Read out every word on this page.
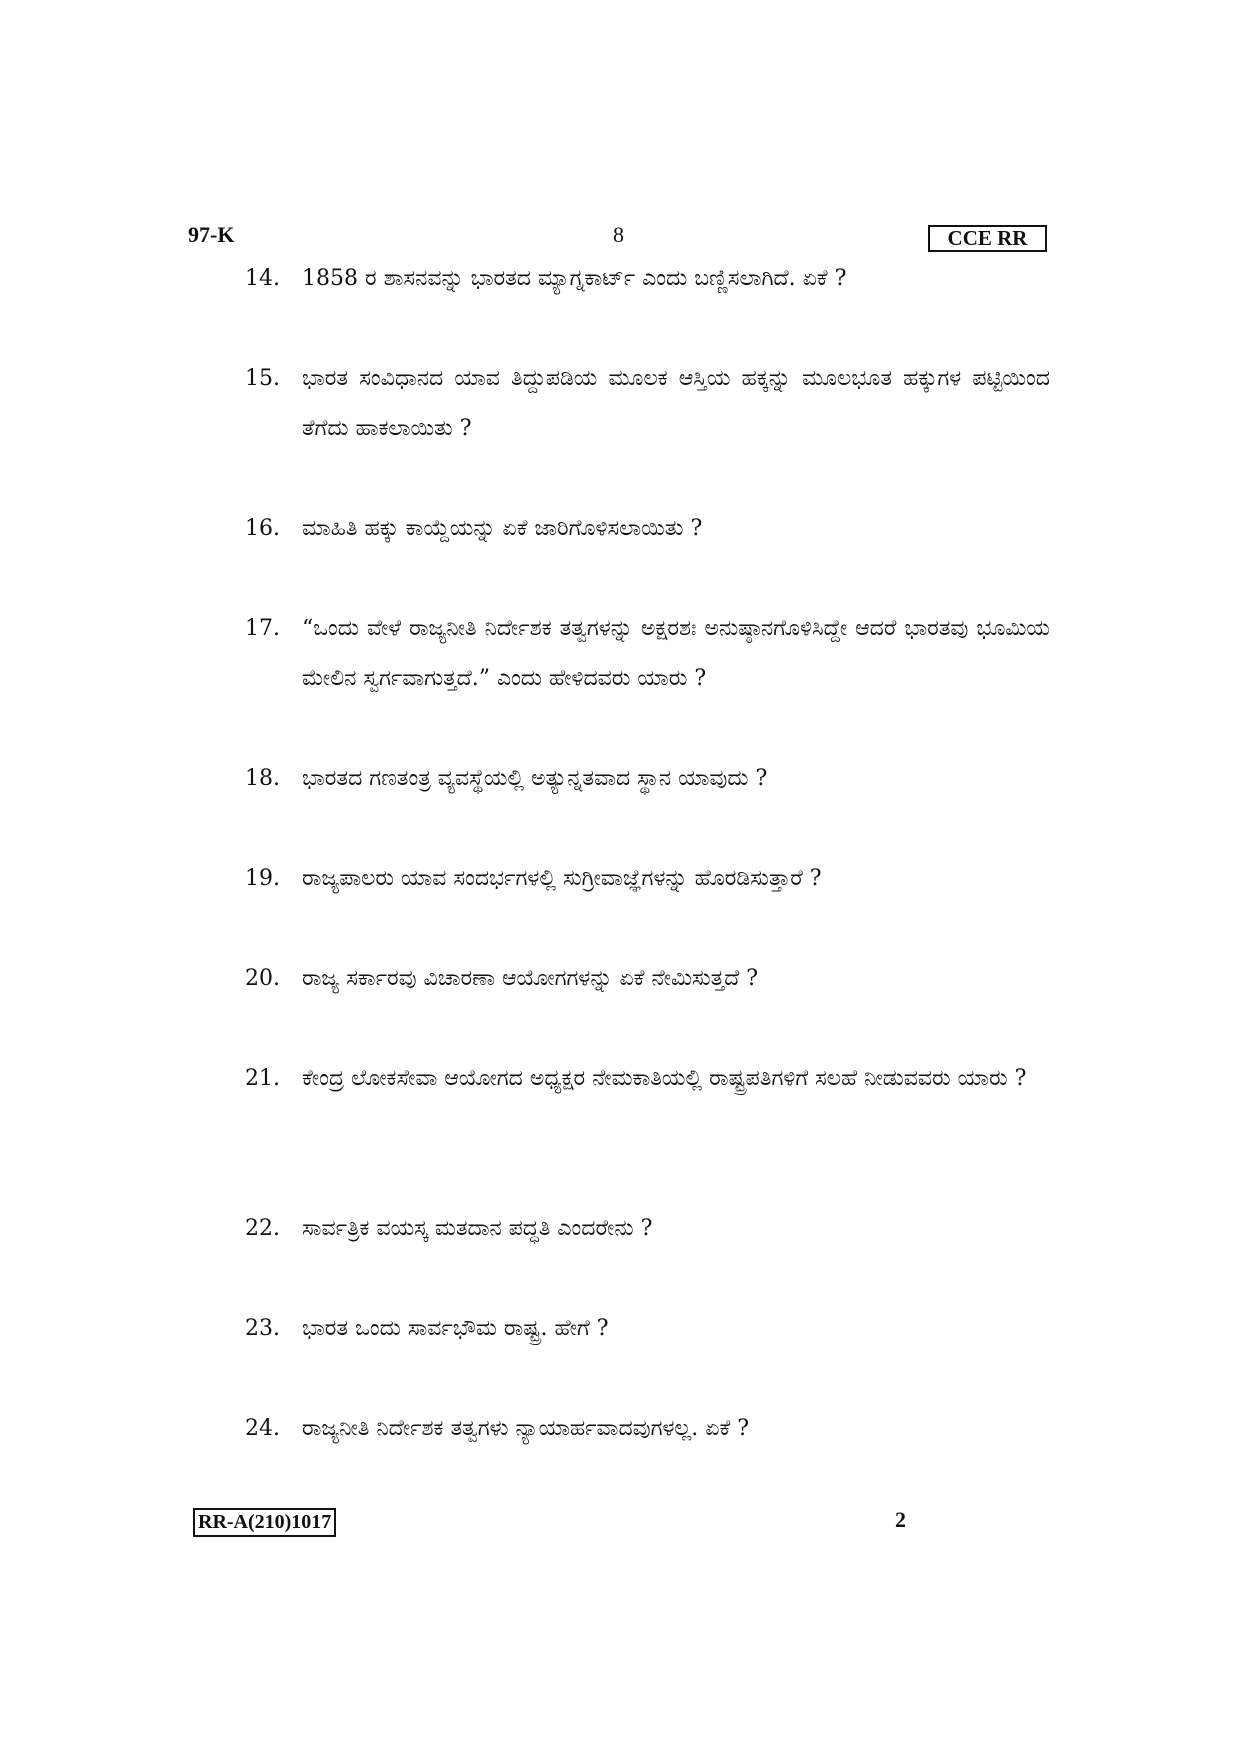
97-K	8	CCE RR
14.	1858 ರ ಶಾಸನವನ್ನು ಭಾರತದ ಮ್ಯಾಗ್ನಕಾರ್ಟ್ ಎಂದು ಬಣ್ಣಿಸಲಾಗಿದೆ. ಏಕೆ ?
15.	ಭಾರತ ಸಂವಿಧಾನದ ಯಾವ ತಿದ್ದುಪಡಿಯ ಮೂಲಕ ಆಸ್ತಿಯ ಹಕ್ಕನ್ನು ಮೂಲಭೂತ ಹಕ್ಕುಗಳ ಪಟ್ಟಿಯಿಂದ ತೆಗೆದು ಹಾಕಲಾಯಿತು ?
16.	ಮಾಹಿತಿ ಹಕ್ಕು ಕಾಯ್ದೆಯನ್ನು ಏಕೆ ಜಾರಿಗೊಳಿಸಲಾಯಿತು ?
17.	“ಒಂದು ವೇಳೆ ರಾಜ್ಯನೀತಿ ನಿರ್ದೇಶಕ ತತ್ವಗಳನ್ನು ಅಕ್ಷರಶಃ ಅನುಷ್ಠಾನಗೊಳಿಸಿದ್ದೇ ಆದರೆ ಭಾರತವು ಭೂಮಿಯ ಮೇಲಿನ ಸ್ವರ್ಗವಾಗುತ್ತದೆ.” ಎಂದು ಹೇಳಿದವರು ಯಾರು ?
18.	ಭಾರತದ ಗಣತಂತ್ರ ವ್ಯವಸ್ಥೆಯಲ್ಲಿ ಅತ್ಯುನ್ನತವಾದ ಸ್ಥಾನ ಯಾವುದು ?
19.	ರಾಜ್ಯಪಾಲರು ಯಾವ ಸಂದರ್ಭಗಳಲ್ಲಿ ಸುಗ್ರೀವಾಜ್ಞೆಗಳನ್ನು ಹೊರಡಿಸುತ್ತಾರೆ ?
20.	ರಾಜ್ಯ ಸರ್ಕಾರವು ವಿಚಾರಣಾ ಆಯೋಗಗಳನ್ನು ಏಕೆ ನೇಮಿಸುತ್ತದೆ ?
21.	ಕೇಂದ್ರ ಲೋಕಸೇವಾ ಆಯೋಗದ ಅಧ್ಯಕ್ಷರ ನೇಮಕಾತಿಯಲ್ಲಿ ರಾಷ್ಟ್ರಪತಿಗಳಿಗೆ ಸಲಹೆ ನೀಡುವವರು ಯಾರು ?
22.	ಸಾರ್ವತ್ರಿಕ ವಯಸ್ಕ ಮತದಾನ ಪದ್ಧತಿ ಎಂದರೇನು ?
23.	ಭಾರತ ಒಂದು ಸಾರ್ವಭೌಮ ರಾಷ್ಟ್ರ. ಹೇಗೆ ?
24.	ರಾಜ್ಯನೀತಿ ನಿರ್ದೇಶಕ ತತ್ವಗಳು ನ್ಯಾಯಾರ್ಹವಾದವುಗಳಲ್ಲ. ಏಕೆ ?
RR-A(210)1017	2
